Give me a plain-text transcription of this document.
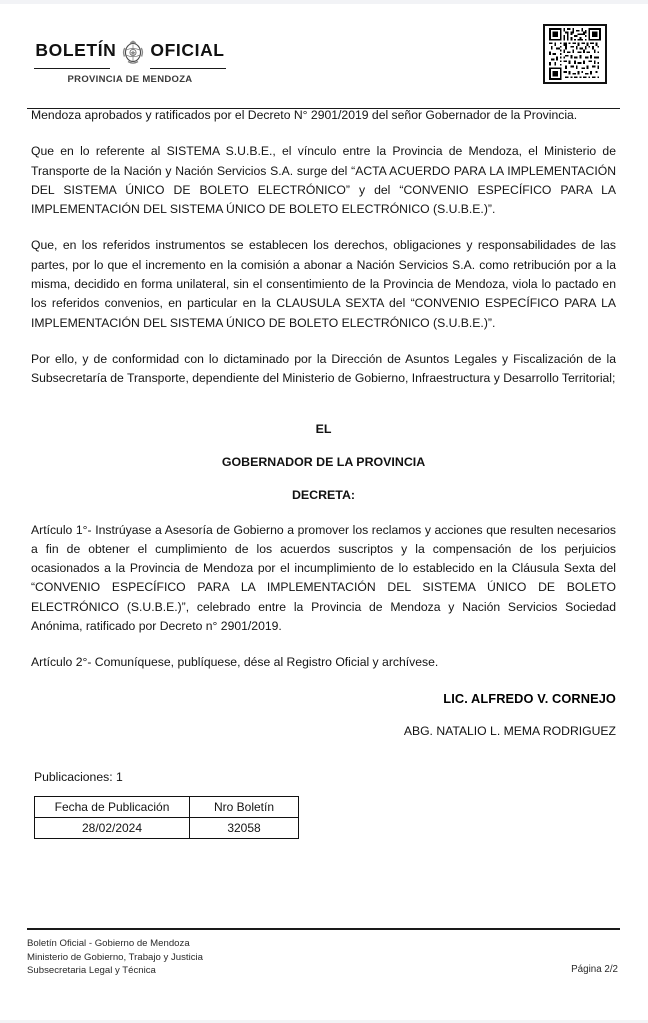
BOLETÍN OFICIAL
PROVINCIA DE MENDOZA

Mendoza aprobados y ratificados por el Decreto N° 2901/2019 del señor Gobernador de la Provincia.

Que en lo referente al SISTEMA S.U.B.E., el vínculo entre la Provincia de Mendoza, el Ministerio de Transporte de la Nación y Nación Servicios S.A. surge del “ACTA ACUERDO PARA LA IMPLEMENTACIÓN DEL SISTEMA ÚNICO DE BOLETO ELECTRÓNICO” y del “CONVENIO ESPECÍFICO PARA LA IMPLEMENTACIÓN DEL SISTEMA ÚNICO DE BOLETO ELECTRÓNICO (S.U.B.E.)”.

Que, en los referidos instrumentos se establecen los derechos, obligaciones y responsabilidades de las partes, por lo que el incremento en la comisión a abonar a Nación Servicios S.A. como retribución por a la misma, decidido en forma unilateral, sin el consentimiento de la Provincia de Mendoza, viola lo pactado en los referidos convenios, en particular en la CLAUSULA SEXTA del “CONVENIO ESPECÍFICO PARA LA IMPLEMENTACIÓN DEL SISTEMA ÚNICO DE BOLETO ELECTRÓNICO (S.U.B.E.)”.

Por ello, y de conformidad con lo dictaminado por la Dirección de Asuntos Legales y Fiscalización de la Subsecretaría de Transporte, dependiente del Ministerio de Gobierno, Infraestructura y Desarrollo Territorial;

EL
GOBERNADOR DE LA PROVINCIA
DECRETA:

Artículo 1°- Instrúyase a Asesoría de Gobierno a promover los reclamos y acciones que resulten necesarios a fin de obtener el cumplimiento de los acuerdos suscriptos y la compensación de los perjuicios ocasionados a la Provincia de Mendoza por el incumplimiento de lo establecido en la Cláusula Sexta del “CONVENIO ESPECÍFICO PARA LA IMPLEMENTACIÓN DEL SISTEMA ÚNICO DE BOLETO ELECTRÓNICO (S.U.B.E.)”, celebrado entre la Provincia de Mendoza y Nación Servicios Sociedad Anónima, ratificado por Decreto n° 2901/2019.

Artículo 2°- Comuníquese, publíquese, dése al Registro Oficial y archívese.

LIC. ALFREDO V. CORNEJO
ABG. NATALIO L. MEMA RODRIGUEZ
Publicaciones: 1
Fecha de Publicación	Nro Boletín
28/02/2024	32058
Boletín Oficial - Gobierno de Mendoza
Ministerio de Gobierno, Trabajo y Justicia
Subsecretaria Legal y Técnica	Página 2/2
